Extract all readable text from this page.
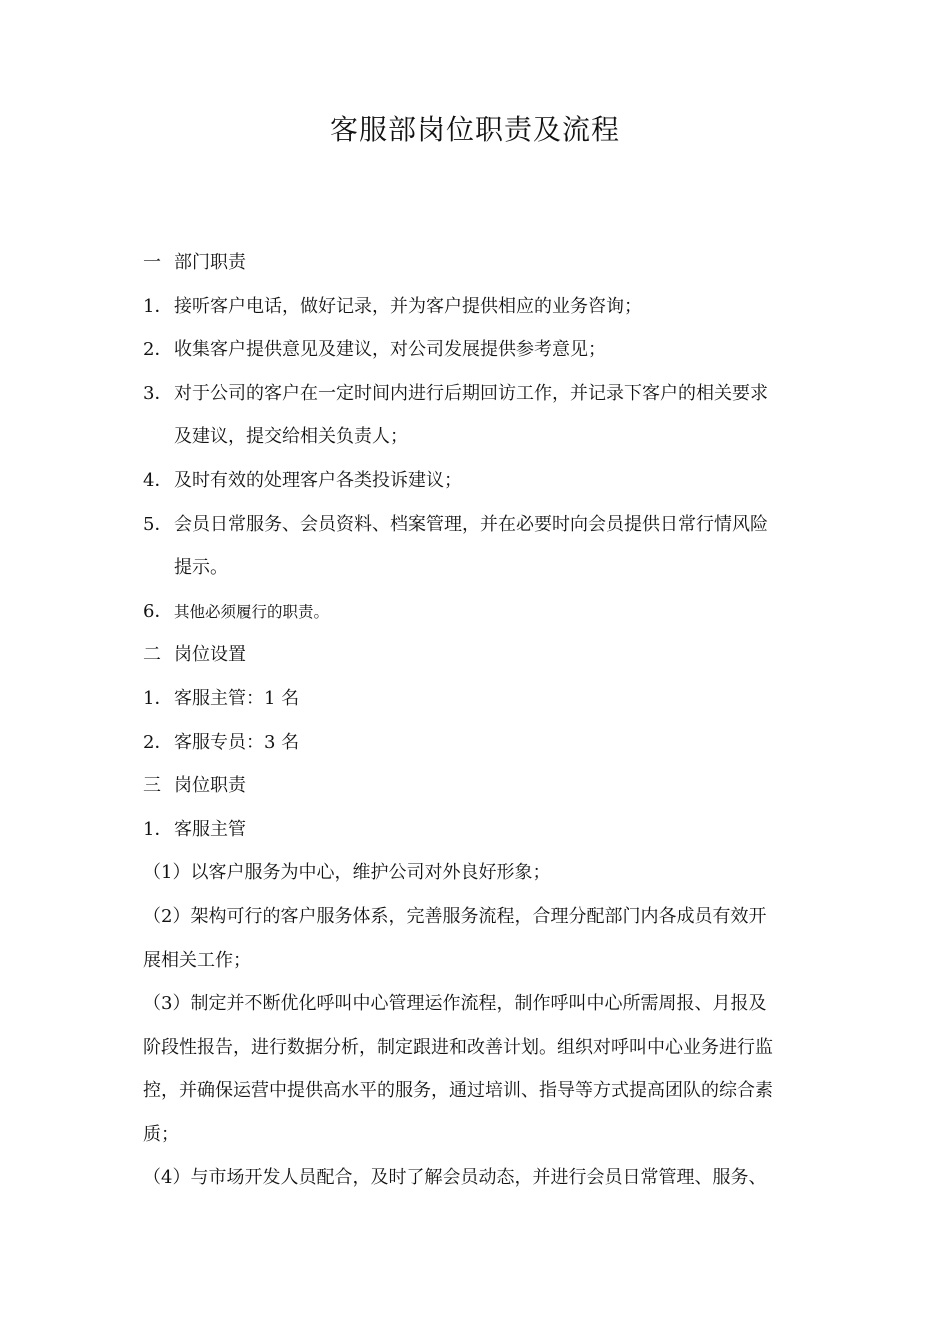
客服部岗位职责及流程
一部门职责
1．接听客户电话，做好记录，并为客户提供相应的业务咨询；
2．收集客户提供意见及建议，对公司发展提供参考意见；
3．对于公司的客户在一定时间内进行后期回访工作，并记录下客户的相关要求
及建议，提交给相关负责人；
4．及时有效的处理客户各类投诉建议；
5．会员日常服务、会员资料、档案管理，并在必要时向会员提供日常行情风险
提示。
6．其他必须履行的职责。
二岗位设置
1．客服主管：1 名
2．客服专员：3 名
三岗位职责
1．客服主管
（1）以客户服务为中心，维护公司对外良好形象；
（2）架构可行的客户服务体系，完善服务流程，合理分配部门内各成员有效开
展相关工作；
（3）制定并不断优化呼叫中心管理运作流程，制作呼叫中心所需周报、月报及
阶段性报告，进行数据分析，制定跟进和改善计划。组织对呼叫中心业务进行监
控，并确保运营中提供高水平的服务，通过培训、指导等方式提高团队的综合素
质；
（4）与市场开发人员配合，及时了解会员动态，并进行会员日常管理、服务、
